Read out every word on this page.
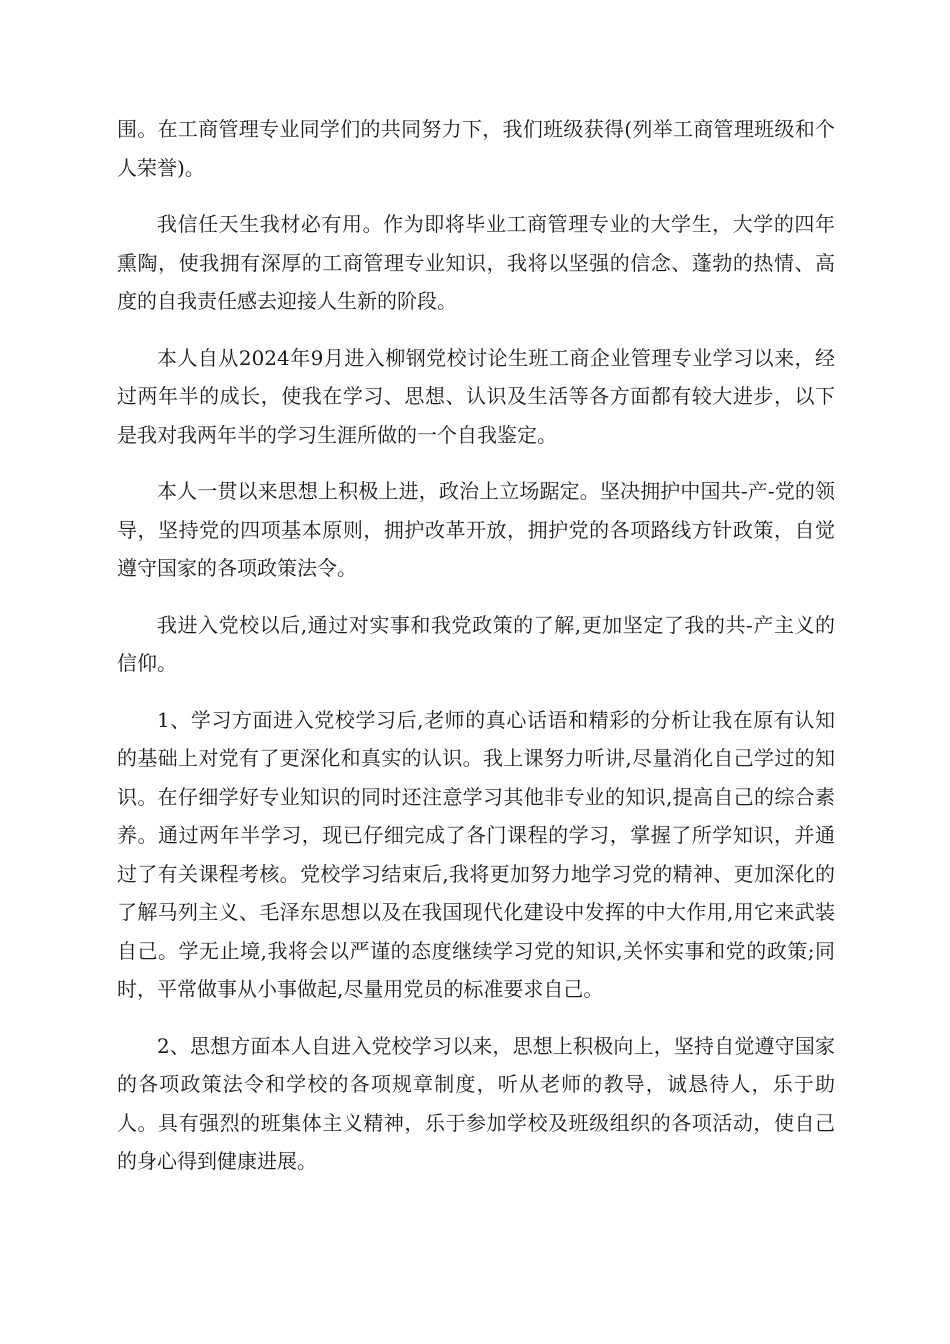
围。在工商管理专业同学们的共同努力下，我们班级获得(列举工商管理班级和个人荣誉)。

我信任天生我材必有用。作为即将毕业工商管理专业的大学生，大学的四年熏陶，使我拥有深厚的工商管理专业知识，我将以坚强的信念、蓬勃的热情、高度的自我责任感去迎接人生新的阶段。

本人自从2024年9月进入柳钢党校讨论生班工商企业管理专业学习以来，经过两年半的成长，使我在学习、思想、认识及生活等各方面都有较大进步，以下是我对我两年半的学习生涯所做的一个自我鉴定。

本人一贯以来思想上积极上进，政治上立场踞定。坚决拥护中国共-产-党的领导，坚持党的四项基本原则，拥护改革开放，拥护党的各项路线方针政策，自觉遵守国家的各项政策法令。

我进入党校以后,通过对实事和我党政策的了解,更加坚定了我的共-产主义的信仰。

1、学习方面进入党校学习后,老师的真心话语和精彩的分析让我在原有认知的基础上对党有了更深化和真实的认识。我上课努力听讲,尽量消化自己学过的知识。在仔细学好专业知识的同时还注意学习其他非专业的知识,提高自己的综合素养。通过两年半学习，现已仔细完成了各门课程的学习，掌握了所学知识，并通过了有关课程考核。党校学习结束后,我将更加努力地学习党的精神、更加深化的了解马列主义、毛泽东思想以及在我国现代化建设中发挥的中大作用,用它来武装自己。学无止境,我将会以严谨的态度继续学习党的知识,关怀实事和党的政策;同时，平常做事从小事做起,尽量用党员的标准要求自己。

2、思想方面本人自进入党校学习以来，思想上积极向上，坚持自觉遵守国家的各项政策法令和学校的各项规章制度，听从老师的教导，诚恳待人，乐于助人。具有强烈的班集体主义精神，乐于参加学校及班级组织的各项活动，使自己的身心得到健康进展。
